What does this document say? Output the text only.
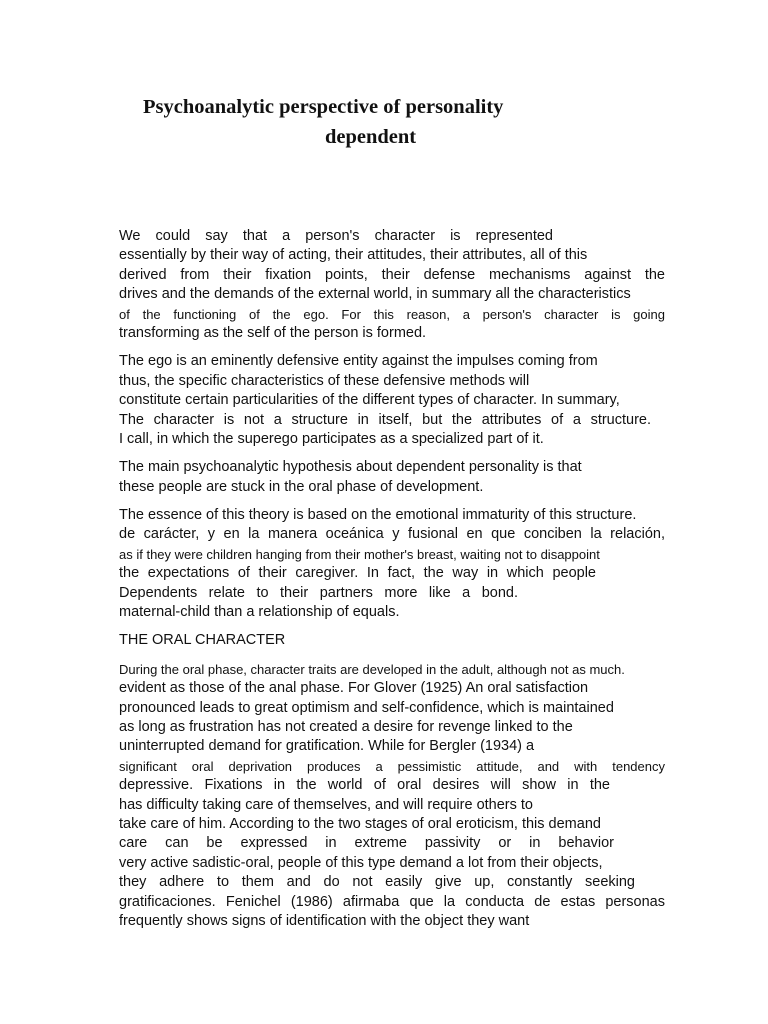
Psychoanalytic perspective of personality
dependent
We could say that a person's character is represented
essentially by their way of acting, their attitudes, their attributes, all of this
derived from their fixation points, their defense mechanisms against the
drives and the demands of the external world, in summary all the characteristics
of the functioning of the ego. For this reason, a person's character is going
transforming as the self of the person is formed.
The ego is an eminently defensive entity against the impulses coming from
thus, the specific characteristics of these defensive methods will
constitute certain particularities of the different types of character. In summary,
The character is not a structure in itself, but the attributes of a structure.
I call, in which the superego participates as a specialized part of it.
The main psychoanalytic hypothesis about dependent personality is that
these people are stuck in the oral phase of development.
The essence of this theory is based on the emotional immaturity of this structure.
de carácter, y en la manera oceánica y fusional en que conciben la relación,
as if they were children hanging from their mother's breast, waiting not to disappoint
the expectations of their caregiver. In fact, the way in which people
Dependents relate to their partners more like a bond.
maternal-child than a relationship of equals.
THE ORAL CHARACTER
During the oral phase, character traits are developed in the adult, although not as much.
evident as those of the anal phase. For Glover (1925) An oral satisfaction
pronounced leads to great optimism and self-confidence, which is maintained
as long as frustration has not created a desire for revenge linked to the
uninterrupted demand for gratification. While for Bergler (1934) a
significant oral deprivation produces a pessimistic attitude, and with tendency
depressive. Fixations in the world of oral desires will show in the
has difficulty taking care of themselves, and will require others to
take care of him. According to the two stages of oral eroticism, this demand
care can be expressed in extreme passivity or in behavior
very active sadistic-oral, people of this type demand a lot from their objects,
they adhere to them and do not easily give up, constantly seeking
gratificaciones. Fenichel (1986) afirmaba que la conducta de estas personas
frequently shows signs of identification with the object they want
